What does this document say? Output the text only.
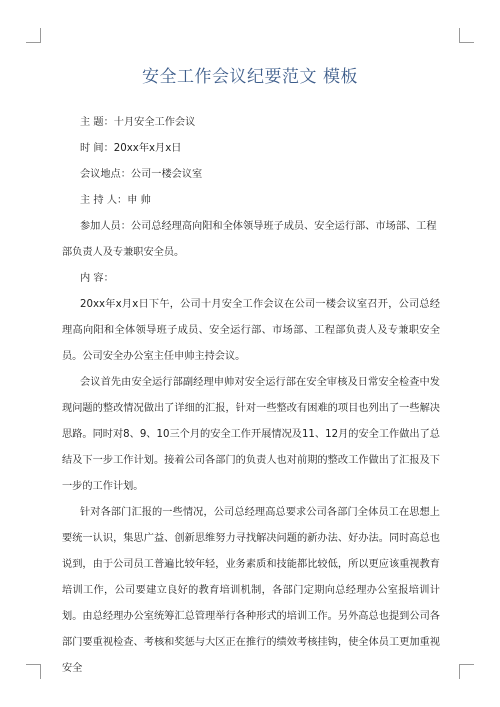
安全工作会议纪要范文 模板

主 题：十月安全工作会议

时 间：20xx年x月x日

会议地点：公司一楼会议室

主 持 人：申 帅

参加人员：公司总经理高向阳和全体领导班子成员、安全运行部、市场部、工程部负责人及专兼职安全员。

内 容：

20xx年x月x日下午，公司十月安全工作会议在公司一楼会议室召开，公司总经理高向阳和全体领导班子成员、安全运行部、市场部、工程部负责人及专兼职安全员。公司安全办公室主任申帅主持会议。

会议首先由安全运行部副经理申帅对安全运行部在安全审核及日常安全检查中发现问题的整改情况做出了详细的汇报，针对一些整改有困难的项目也列出了一些解决思路。同时对8、9、10三个月的安全工作开展情况及11、12月的安全工作做出了总结及下一步工作计划。接着公司各部门的负责人也对前期的整改工作做出了汇报及下一步的工作计划。

针对各部门汇报的一些情况，公司总经理高总要求公司各部门全体员工在思想上要统一认识，集思广益、创新思维努力寻找解决问题的新办法、好办法。同时高总也说到，由于公司员工普遍比较年轻，业务素质和技能都比较低，所以更应该重视教育培训工作，公司要建立良好的教育培训机制，各部门定期向总经理办公室报培训计划。由总经理办公室统筹汇总管理举行各种形式的培训工作。另外高总也提到公司各部门要重视检查、考核和奖惩与大区正在推行的绩效考核挂钩，使全体员工更加重视安全
